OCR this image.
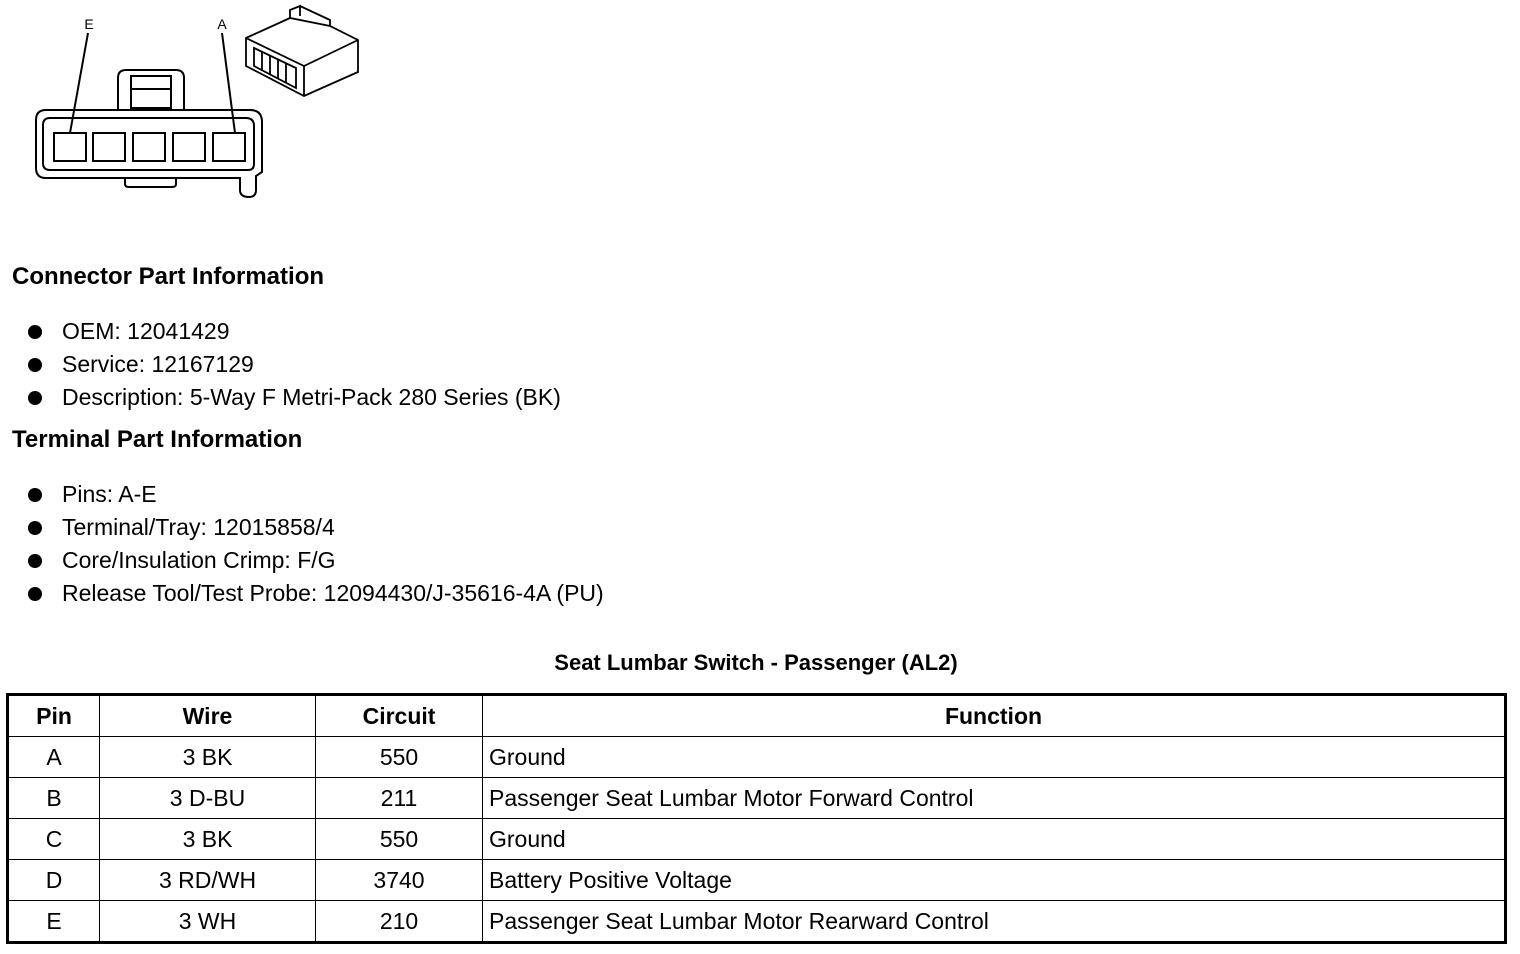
E	A
Connector Part Information
OEM: 12041429
Service: 12167129
Description: 5-Way F Metri-Pack 280 Series (BK)
Terminal Part Information
Pins: A-E
Terminal/Tray: 12015858/4
Core/Insulation Crimp: F/G
Release Tool/Test Probe: 12094430/J-35616-4A (PU)
Seat Lumbar Switch - Passenger (AL2)
Pin	Wire	Circuit	Function
A	3 BK	550	Ground
B	3 D-BU	211	Passenger Seat Lumbar Motor Forward Control
C	3 BK	550	Ground
D	3 RD/WH	3740	Battery Positive Voltage
E	3 WH	210	Passenger Seat Lumbar Motor Rearward Control
